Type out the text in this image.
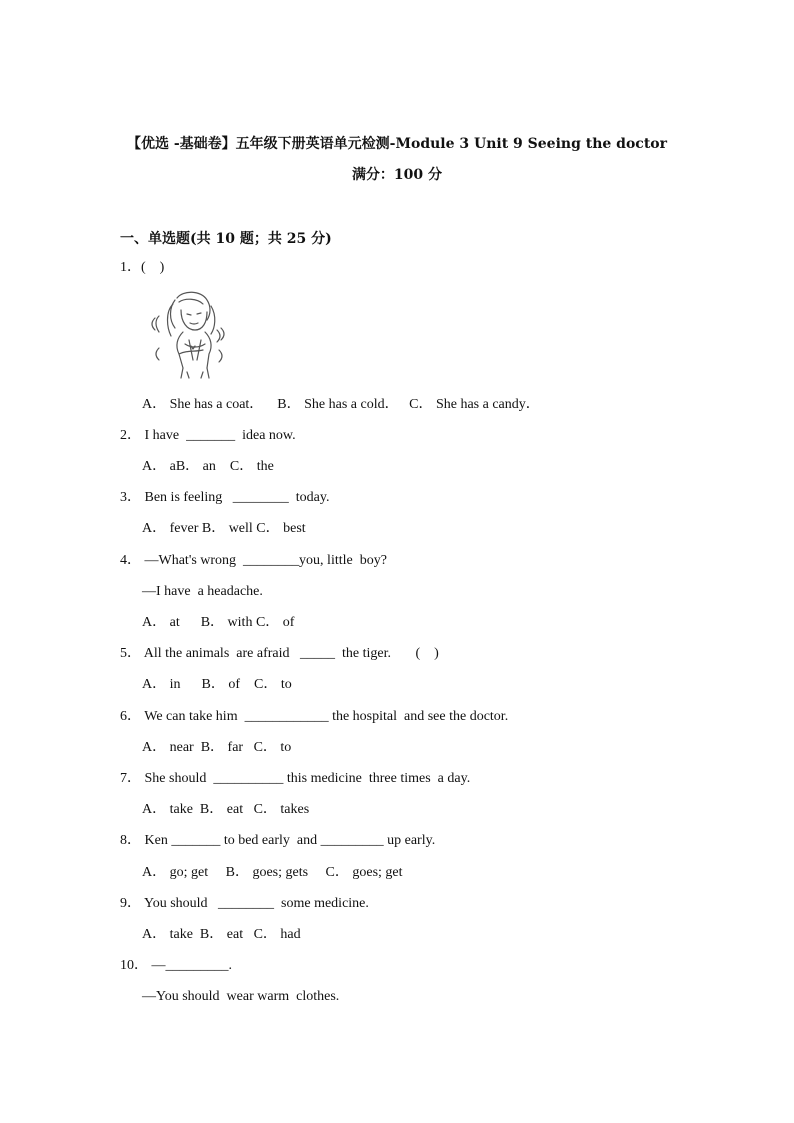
【优选 -基础卷】五年级下册英语单元检测-Module 3 Unit 9 Seeing the doctor
满分：100 分
一、单选题(共 10 题；共 25 分)
1．(    )
A． She has a coat．    B． She has a cold．   C． She has a candy．
2． I have  _______  idea now.
A． aB． an    C． the
3． Ben is feeling   ________  today.
A． fever B． well C． best
4． —What's wrong  ________you, little  boy?
—I have  a headache.
A． at      B． with C． of
5． All the animals  are afraid   _____  the tiger.       (    )
A． in      B． of    C． to
6． We can take him  ____________ the hospital  and see the doctor.
A． near  B． far   C． to
7． She should  __________ this medicine  three times  a day.
A． take  B． eat   C． takes
8． Ken _______ to bed early  and _________ up early.
A． go; get     B． goes; gets     C． goes; get
9． You should   ________  some medicine.
A． take  B． eat   C． had
10． —_________.
—You should  wear warm  clothes.
